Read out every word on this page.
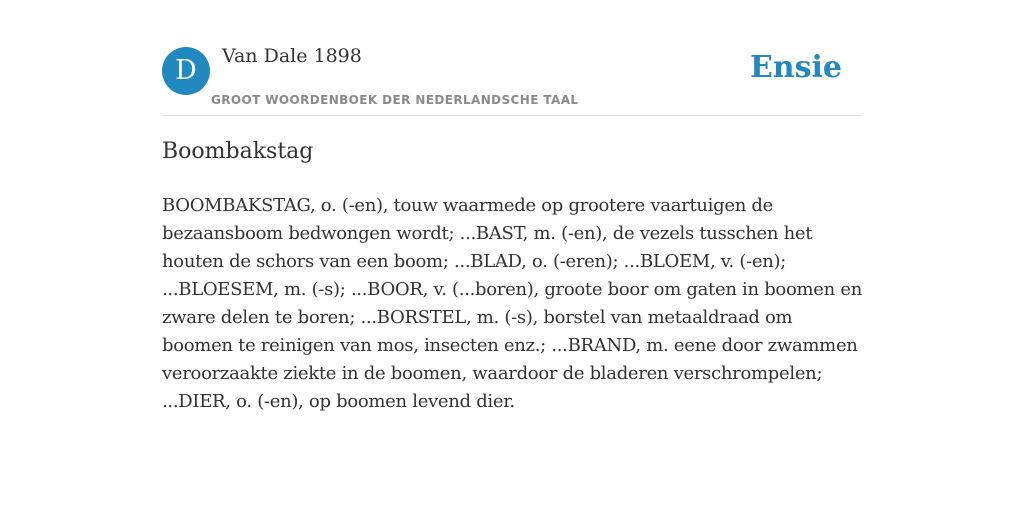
D	Van Dale 1898
GROOT WOORDENBOEK DER NEDERLANDSCHE TAAL
Ensie
Boombakstag

BOOMBAKSTAG, o. (-en), touw waarmede op grootere vaartuigen de bezaansboom bedwongen wordt; ...BAST, m. (-en), de vezels tusschen het houten de schors van een boom; ...BLAD, o. (-eren); ...BLOEM, v. (-en); ...BLOESEM, m. (-s); ...BOOR, v. (...boren), groote boor om gaten in boomen en zware delen te boren; ...BORSTEL, m. (-s), borstel van metaaldraad om boomen te reinigen van mos, insecten enz.; ...BRAND, m. eene door zwammen veroorzaakte ziekte in de boomen, waardoor de bladeren verschrompelen; ...DIER, o. (-en), op boomen levend dier.
